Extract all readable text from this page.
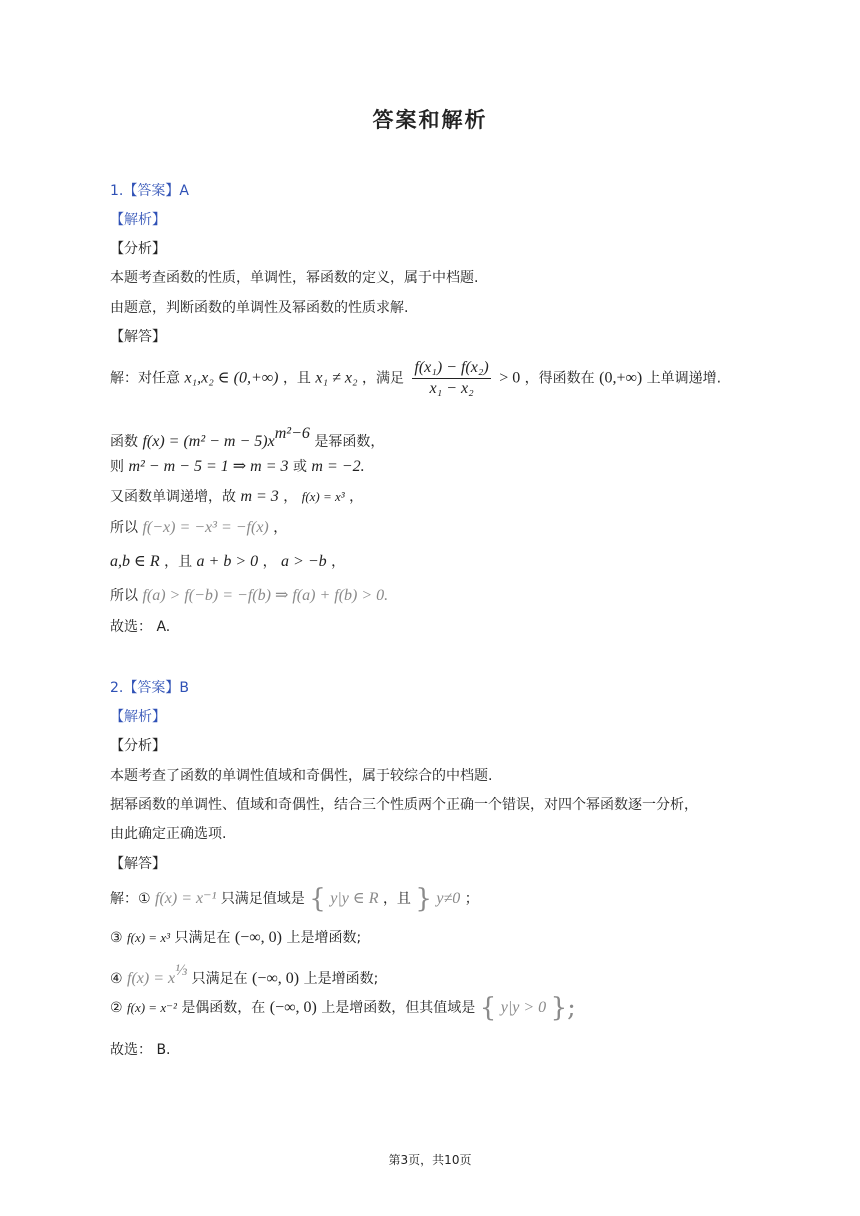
答案和解析
1.【答案】A
【解析】
【分析】
本题考查函数的性质，单调性，幂函数的定义，属于中档题.
由题意，判断函数的单调性及幂函数的性质求解.
【解答】
解：对任意 x₁,x₂ ∈ (0,+∞) ，且 x₁ ≠ x₂ ，满足 $\frac{\text{f(x₁) − f(x₂)}}{\text{x₁ − x₂}} > 0$ ，得函数在 (0,+∞) 上单调递增.
函数 $f(x) = (m^2 - m - 5)x^{m^2-6}$ 是幂函数，
则 m² − m − 5 = 1 ⇒ m = 3 或 m = −2.
又函数单调递增，故 m = 3 ， f(x) = x³ ，
所以 f(−x) = −x³ = −f(x) ，
a,b ∈ R ，且 a + b > 0 ， a > −b ，
所以 f(a) > f(−b) = −f(b) ⇒ f(a) + f(b) > 0.
故选： A.
2.【答案】B
【解析】
【分析】
本题考查了函数的单调性值域和奇偶性，属于较综合的中档题.
据幂函数的单调性、值域和奇偶性，结合三个性质两个正确一个错误，对四个幂函数逐一分析，
由此确定正确选项.
【解答】
解：① f(x) = x⁻¹ 只满足值域是 { y|y ∈ R ，且 } y≠0 ；
③ f(x) = x³ 只满足在 (−∞, 0) 上是增函数;
④ $f(x) = x^{\frac{1}{3}}$ 只满足在 (−∞, 0) 上是增函数;
② f(x) = x⁻² 是偶函数，在 (−∞, 0) 上是增函数，但其值域是 { y|y > 0 };
故选： B.
第3页，共10页
